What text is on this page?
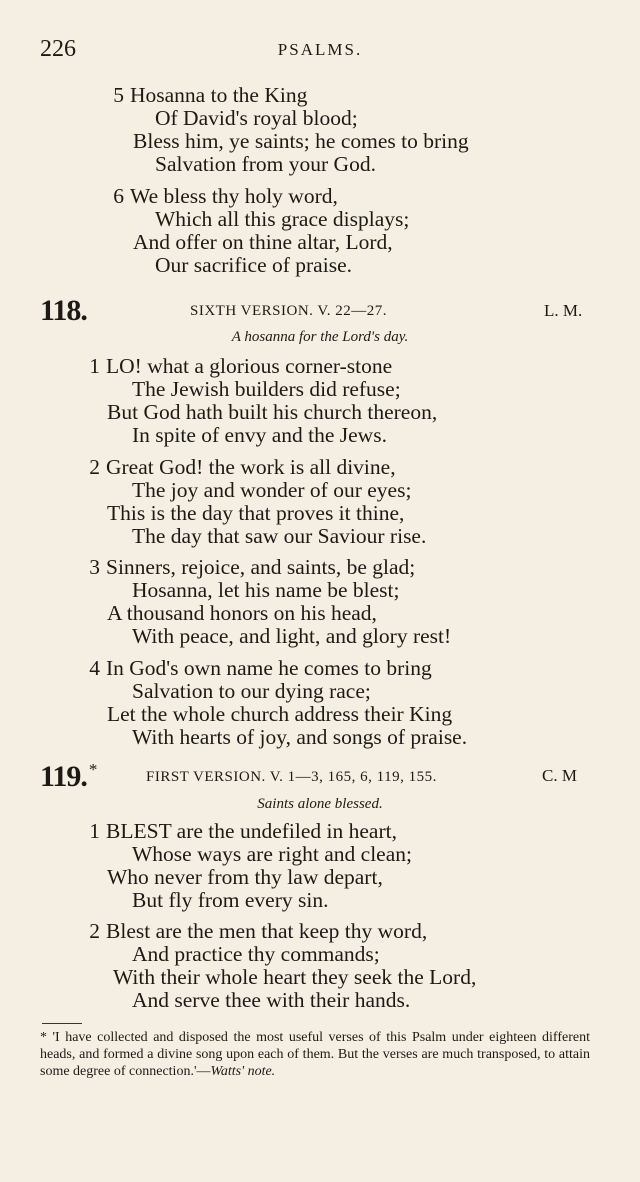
226	PSALMS.
5 Hosanna to the King
Of David's royal blood;
Bless him, ye saints; he comes to bring
Salvation from your God.
6 We bless thy holy word,
Which all this grace displays;
And offer on thine altar, Lord,
Our sacrifice of praise.
118.	SIXTH VERSION. V. 22—27.	L. M.
A hosanna for the Lord's day.
1 LO! what a glorious corner-stone
The Jewish builders did refuse;
But God hath built his church thereon,
In spite of envy and the Jews.
2 Great God! the work is all divine,
The joy and wonder of our eyes;
This is the day that proves it thine,
The day that saw our Saviour rise.
3 Sinners, rejoice, and saints, be glad;
Hosanna, let his name be blest;
A thousand honors on his head,
With peace, and light, and glory rest!
4 In God's own name he comes to bring
Salvation to our dying race;
Let the whole church address their King
With hearts of joy, and songs of praise.
119. *	FIRST VERSION. V. 1—3, 165, 6, 119, 155.	C. M
Saints alone blessed.
1 BLEST are the undefiled in heart,
Whose ways are right and clean;
Who never from thy law depart,
But fly from every sin.
2 Blest are the men that keep thy word,
And practice thy commands;
With their whole heart they seek the Lord,
And serve thee with their hands.
* 'I have collected and disposed the most useful verses of this Psalm under eighteen different heads, and formed a divine song upon each of them. But the verses are much transposed, to attain some degree of connection.'—Watts' note.
